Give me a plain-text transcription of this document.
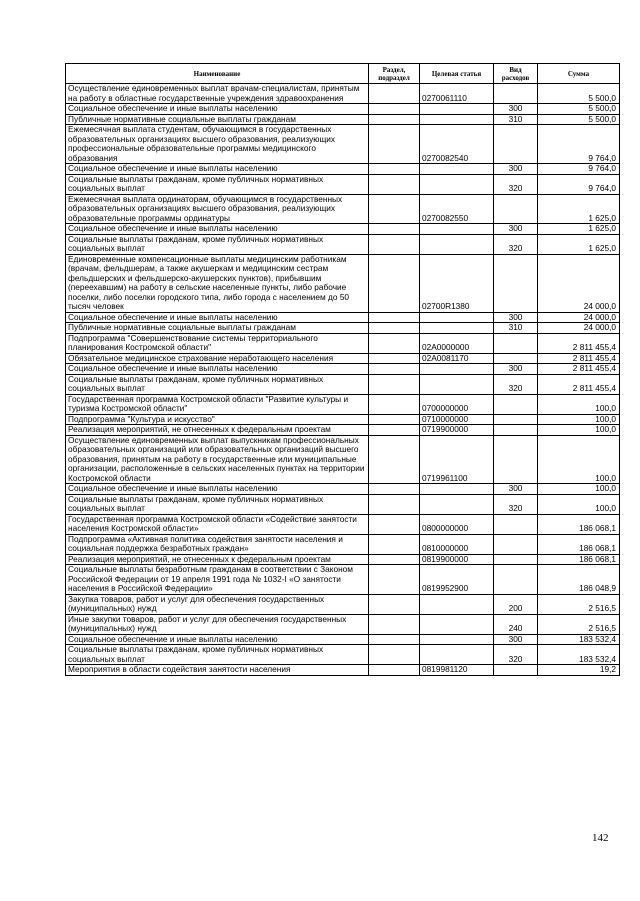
Наименование	Раздел, подраздел	Целевая статья	Вид расходов	Сумма
Осуществление единовременных выплат врачам-специалистам, принятым на работу в областные государственные учреждения здравоохранения		0270061110		5 500,0
Социальное обеспечение и иные выплаты населению			300	5 500,0
Публичные нормативные социальные выплаты гражданам			310	5 500,0
Ежемесячная выплата студентам, обучающимся в государственных образовательных организациях высшего образования, реализующих профессиональные образовательные программы медицинского образования		0270082540		9 764,0
Социальное обеспечение и иные выплаты населению			300	9 764,0
Социальные выплаты гражданам, кроме публичных нормативных социальных выплат			320	9 764,0
Ежемесячная выплата ординаторам, обучающимся в государственных образовательных организациях высшего образования, реализующих образовательные программы ординатуры		0270082550		1 625,0
Социальное обеспечение и иные выплаты населению			300	1 625,0
Социальные выплаты гражданам, кроме публичных нормативных социальных выплат			320	1 625,0
Единовременные компенсационные выплаты медицинским работникам (врачам, фельдшерам, а также акушеркам и медицинским сестрам фельдшерских и фельдшерско-акушерских пунктов), прибывшим (переехавшим) на работу в сельские населенные пункты, либо рабочие поселки, либо поселки городского типа, либо города с населением до 50 тысяч человек		02700R1380		24 000,0
Социальное обеспечение и иные выплаты населению			300	24 000,0
Публичные нормативные социальные выплаты гражданам			310	24 000,0
Подпрограмма "Совершенствование системы территориального планирования Костромской области"		02А0000000		2 811 455,4
Обязательное медицинское страхование неработающего населения		02А0081170		2 811 455,4
Социальное обеспечение и иные выплаты населению			300	2 811 455,4
Социальные выплаты гражданам, кроме публичных нормативных социальных выплат			320	2 811 455,4
Государственная программа Костромской области "Развитие культуры и туризма Костромской области"		0700000000		100,0
Подпрограмма "Культура и искусство"		0710000000		100,0
Реализация мероприятий, не отнесенных к федеральным проектам		0719900000		100,0
Осуществление единовременных выплат выпускникам профессиональных образовательных организаций или образовательных организаций высшего образования, принятым на работу в государственные или муниципальные организации, расположенные в сельских населенных пунктах на территории Костромской области		0719961100		100,0
Социальное обеспечение и иные выплаты населению			300	100,0
Социальные выплаты гражданам, кроме публичных нормативных социальных выплат			320	100,0
Государственная программа Костромской области «Содействие занятости населения Костромской области»		0800000000		186 068,1
Подпрограмма «Активная политика содействия занятости населения и социальная поддержка безработных граждан»		0810000000		186 068,1
Реализация мероприятий, не отнесенных к федеральным проектам		0819900000		186 068,1
Социальные выплаты безработным гражданам в соответствии с Законом Российской Федерации от 19 апреля 1991 года № 1032-I «О занятости населения в Российской Федерации»		0819952900		186 048,9
Закупка товаров, работ и услуг для обеспечения государственных (муниципальных) нужд			200	2 516,5
Иные закупки товаров, работ и услуг для обеспечения государственных (муниципальных) нужд			240	2 516,5
Социальное обеспечение и иные выплаты населению			300	183 532,4
Социальные выплаты гражданам, кроме публичных нормативных социальных выплат			320	183 532,4
Мероприятия в области содействия занятости населения		0819981120		19,2
142
